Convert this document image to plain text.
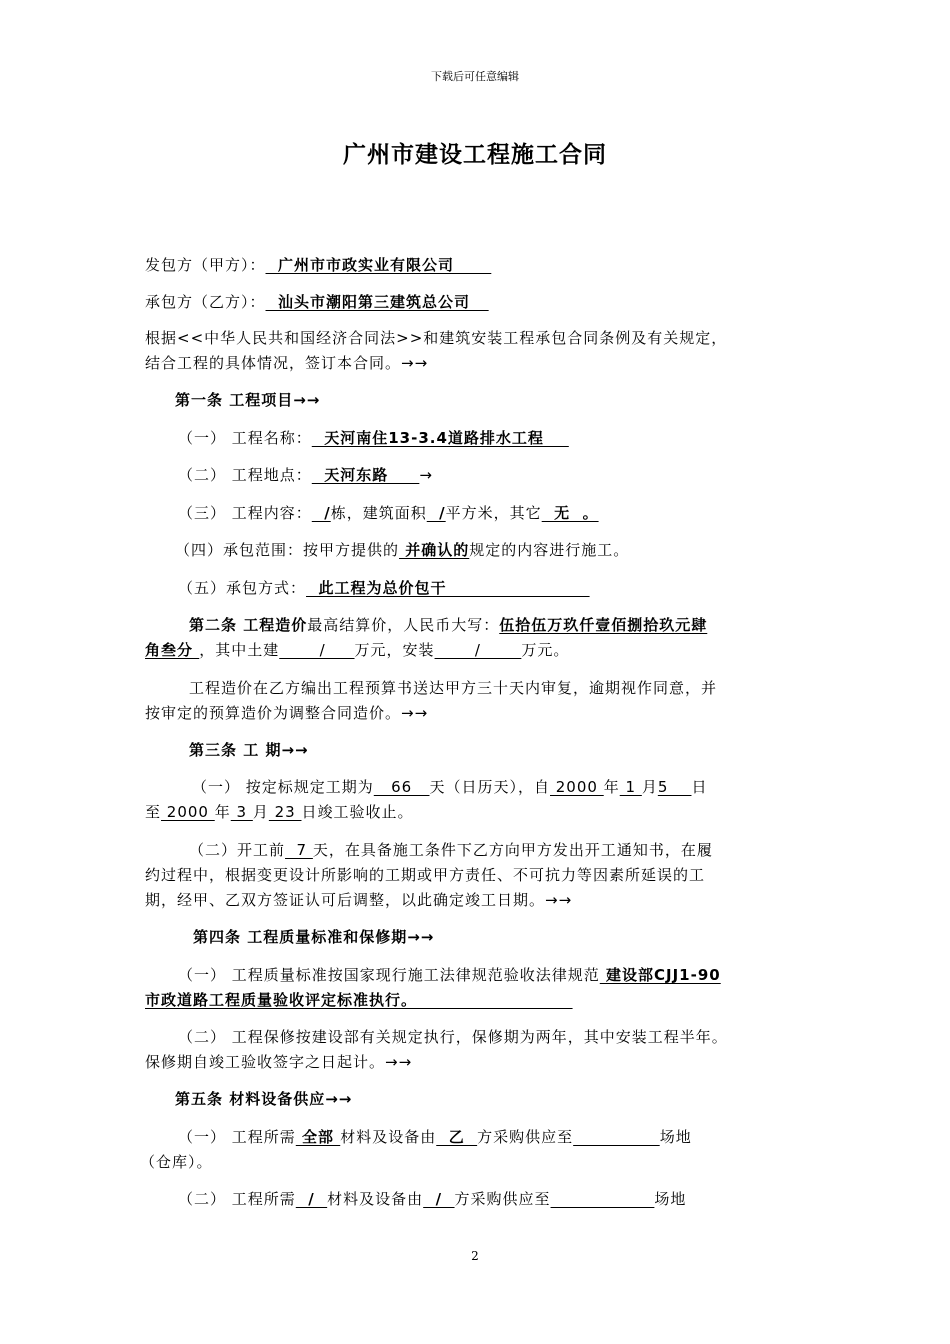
下载后可任意编辑
广州市建设工程施工合同
发包方（甲方）：  广州市市政实业有限公司
承包方（乙方）：  汕头市潮阳第三建筑总公司
根据<<中华人民共和国经济合同法>>和建筑安装工程承包合同条例及有关规定，
结合工程的具体情况，签订本合同。→→
第一条 工程项目→→
（一） 工程名称：  天河南住13-3.4道路排水工程
（二） 工程地点：  天河东路     →
（三） 工程内容：  /栋，建筑面积  /平方米，其它  无  。
（四）承包范围：按甲方提供的 并确认的规定的内容进行施工。
（五）承包方式：  此工程为总价包干
第二条 工程造价最高结算价，人民币大写：伍拾伍万玖仟壹佰捌拾玖元肆
角叁分 ，其中土建       /     万元，安装       /       万元。
工程造价在乙方编出工程预算书送达甲方三十天内审复，逾期视作同意，并
按审定的预算造价为调整合同造价。→→
第三条 工 期→→
（一） 按定标规定工期为   66   天（日历天），自 2000 年 1 月5    日
至 2000 年 3 月 23 日竣工验收止。
（二）开工前  7 天，在具备施工条件下乙方向甲方发出开工通知书，在履
约过程中，根据变更设计所影响的工期或甲方责任、不可抗力等因素所延误的工
期，经甲、乙双方签证认可后调整，以此确定竣工日期。→→
第四条 工程质量标准和保修期→→
（一） 工程质量标准按国家现行施工法律规范验收法律规范 建设部CJJ1-90
市政道路工程质量验收评定标准执行。
（二） 工程保修按建设部有关规定执行，保修期为两年，其中安装工程半年。
保修期自竣工验收签字之日起计。→→
第五条 材料设备供应→→
（一） 工程所需 全部 材料及设备由  乙  方采购供应至	场地
（仓库）。
（二） 工程所需  /  材料及设备由  /  方采购供应至	场地
2
